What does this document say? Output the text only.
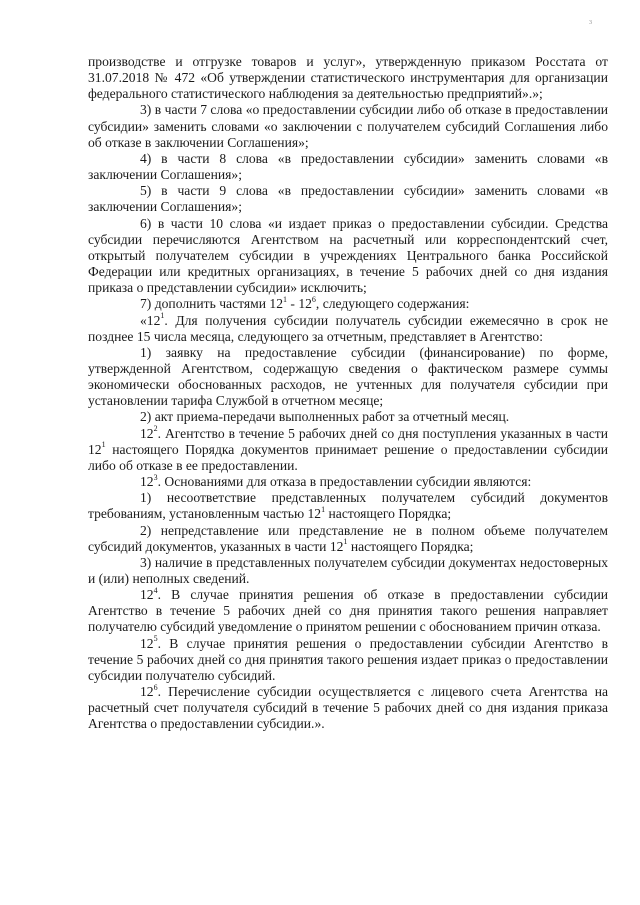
3

производстве и отгрузке товаров и услуг», утвержденную приказом Росстата от 31.07.2018 № 472 «Об утверждении статистического инструментария для организации федерального статистического наблюдения за деятельностью предприятий».»;

3) в части 7 слова «о предоставлении субсидии либо об отказе в предоставлении субсидии» заменить словами «о заключении с получателем субсидий Соглашения либо об отказе в заключении Соглашения»;

4) в части 8 слова «в предоставлении субсидии» заменить словами «в заключении Соглашения»;

5) в части 9 слова «в предоставлении субсидии» заменить словами «в заключении Соглашения»;

6) в части 10 слова «и издает приказ о предоставлении субсидии. Средства субсидии перечисляются Агентством на расчетный или корреспондентский счет, открытый получателем субсидии в учреждениях Центрального банка Российской Федерации или кредитных организациях, в течение 5 рабочих дней со дня издания приказа о представлении субсидии» исключить;

7) дополнить частями $12^1 - 12^6$, следующего содержания:

«$12^1$. Для получения субсидии получатель субсидии ежемесячно в срок не позднее 15 числа месяца, следующего за отчетным, представляет в Агентство:

1) заявку на предоставление субсидии (финансирование) по форме, утвержденной Агентством, содержащую сведения о фактическом размере суммы экономически обоснованных расходов, не учтенных для получателя субсидии при установлении тарифа Службой в отчетном месяце;

2) акт приема-передачи выполненных работ за отчетный месяц.

$12^2$. Агентство в течение 5 рабочих дней со дня поступления указанных в части $12^1$ настоящего Порядка документов принимает решение о предоставлении субсидии либо об отказе в ее предоставлении.

$12^3$. Основаниями для отказа в предоставлении субсидии являются:

1) несоответствие представленных получателем субсидий документов требованиям, установленным частью $12^1$ настоящего Порядка;

2) непредставление или представление не в полном объеме получателем субсидий документов, указанных в части $12^1$ настоящего Порядка;

3) наличие в представленных получателем субсидии документах недостоверных и (или) неполных сведений.

$12^4$. В случае принятия решения об отказе в предоставлении субсидии Агентство в течение 5 рабочих дней со дня принятия такого решения направляет получателю субсидий уведомление о принятом решении с обоснованием причин отказа.

$12^5$. В случае принятия решения о предоставлении субсидии Агентство в течение 5 рабочих дней со дня принятия такого решения издает приказ о предоставлении субсидии получателю субсидий.

$12^6$. Перечисление субсидии осуществляется с лицевого счета Агентства на расчетный счет получателя субсидий в течение 5 рабочих дней со дня издания приказа Агентства о предоставлении субсидии.».
